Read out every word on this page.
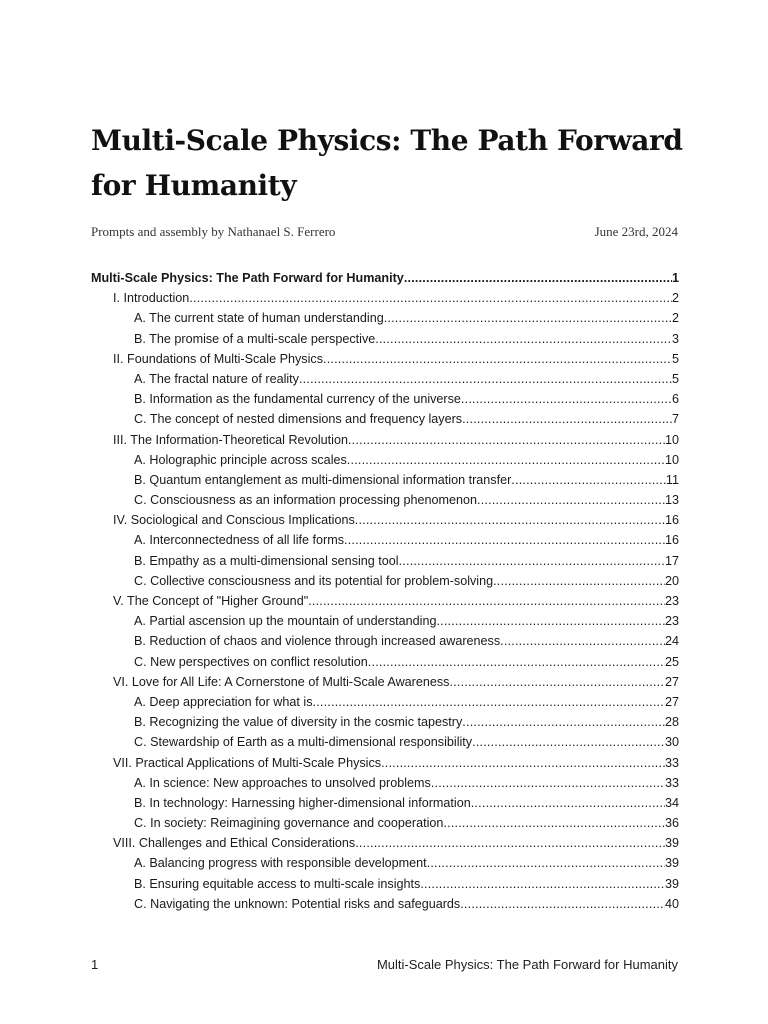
Multi-Scale Physics: The Path Forward for Humanity
Prompts and assembly by Nathanael S. Ferrero	June 23rd, 2024
Multi-Scale Physics: The Path Forward for Humanity .....	1
I. Introduction .....	2
A. The current state of human understanding .....	2
B. The promise of a multi-scale perspective .....	3
II. Foundations of Multi-Scale Physics .....	5
A. The fractal nature of reality .....	5
B. Information as the fundamental currency of the universe .....	6
C. The concept of nested dimensions and frequency layers .....	7
III. The Information-Theoretical Revolution .....	10
A. Holographic principle across scales .....	10
B. Quantum entanglement as multi-dimensional information transfer .....	11
C. Consciousness as an information processing phenomenon .....	13
IV. Sociological and Conscious Implications .....	16
A. Interconnectedness of all life forms .....	16
B. Empathy as a multi-dimensional sensing tool .....	17
C. Collective consciousness and its potential for problem-solving .....	20
V. The Concept of "Higher Ground" .....	23
A. Partial ascension up the mountain of understanding .....	23
B. Reduction of chaos and violence through increased awareness .....	24
C. New perspectives on conflict resolution .....	25
VI. Love for All Life: A Cornerstone of Multi-Scale Awareness .....	27
A. Deep appreciation for what is .....	27
B. Recognizing the value of diversity in the cosmic tapestry .....	28
C. Stewardship of Earth as a multi-dimensional responsibility .....	30
VII. Practical Applications of Multi-Scale Physics .....	33
A. In science: New approaches to unsolved problems .....	33
B. In technology: Harnessing higher-dimensional information .....	34
C. In society: Reimagining governance and cooperation .....	36
VIII. Challenges and Ethical Considerations .....	39
A. Balancing progress with responsible development .....	39
B. Ensuring equitable access to multi-scale insights .....	39
C. Navigating the unknown: Potential risks and safeguards .....	40
1	Multi-Scale Physics: The Path Forward for Humanity
